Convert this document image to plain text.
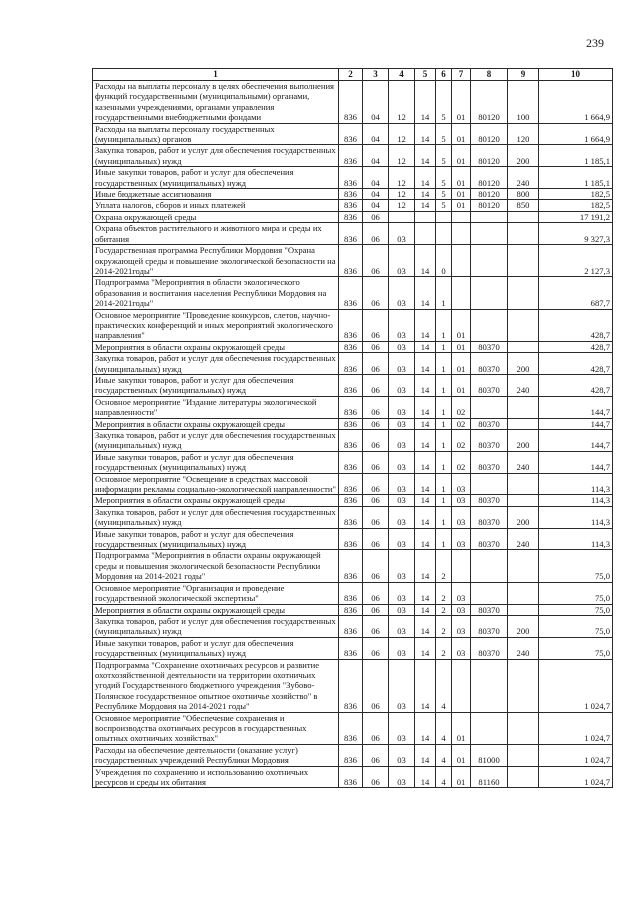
239
1	2	3	4	5	6	7	8	9	10
Расходы на выплаты персоналу в целях обеспечения выполнения функций государственными (муниципальными) органами, казенными учреждениями, органами управления государственными внебюджетными фондами	836	04	12	14	5	01	80120	100	1 664,9
Расходы на выплаты персоналу государственных (муниципальных) органов	836	04	12	14	5	01	80120	120	1 664,9
Закупка товаров, работ и услуг для обеспечения государственных (муниципальных) нужд	836	04	12	14	5	01	80120	200	1 185,1
Иные закупки товаров, работ и услуг для обеспечения государственных (муниципальных) нужд	836	04	12	14	5	01	80120	240	1 185,1
Иные бюджетные ассигнования	836	04	12	14	5	01	80120	800	182,5
Уплата налогов, сборов и иных платежей	836	04	12	14	5	01	80120	850	182,5
Охрана окружающей среды	836	06							17 191,2
Охрана объектов растительного и животного мира и среды их обитания	836	06	03						9 327,3
Государственная программа Республики Мордовия "Охрана окружающей среды и повышение экологической безопасности на 2014-2021годы"	836	06	03	14	0				2 127,3
Подпрограмма "Мероприятия в области экологического образования и воспитания населения Республики Мордовия на 2014-2021годы"	836	06	03	14	1				687,7
Основное мероприятие "Проведение конкурсов, слетов, научно-практических конференций и иных мероприятий экологического направления"	836	06	03	14	1	01			428,7
Мероприятия в области охраны окружающей среды	836	06	03	14	1	01	80370		428,7
Закупка товаров, работ и услуг для обеспечения государственных (муниципальных) нужд	836	06	03	14	1	01	80370	200	428,7
Иные закупки товаров, работ и услуг для обеспечения государственных (муниципальных) нужд	836	06	03	14	1	01	80370	240	428,7
Основное мероприятие "Издание литературы экологической направленности"	836	06	03	14	1	02			144,7
Мероприятия в области охраны окружающей среды	836	06	03	14	1	02	80370		144,7
Закупка товаров, работ и услуг для обеспечения государственных (муниципальных) нужд	836	06	03	14	1	02	80370	200	144,7
Иные закупки товаров, работ и услуг для обеспечения государственных (муниципальных) нужд	836	06	03	14	1	02	80370	240	144,7
Основное мероприятие "Освещение в средствах массовой информации рекламы социально-экологической направленности"	836	06	03	14	1	03			114,3
Мероприятия в области охраны окружающей среды	836	06	03	14	1	03	80370		114,3
Закупка товаров, работ и услуг для обеспечения государственных (муниципальных) нужд	836	06	03	14	1	03	80370	200	114,3
Иные закупки товаров, работ и услуг для обеспечения государственных (муниципальных) нужд	836	06	03	14	1	03	80370	240	114,3
Подпрограмма "Мероприятия в области охраны окружающей среды и повышения экологической безопасности Республики Мордовия на 2014-2021 годы"	836	06	03	14	2				75,0
Основное мероприятие "Организация и проведение государственной экологической экспертизы"	836	06	03	14	2	03			75,0
Мероприятия в области охраны окружающей среды	836	06	03	14	2	03	80370		75,0
Закупка товаров, работ и услуг для обеспечения государственных (муниципальных) нужд	836	06	03	14	2	03	80370	200	75,0
Иные закупки товаров, работ и услуг для обеспечения государственных (муниципальных) нужд	836	06	03	14	2	03	80370	240	75,0
Подпрограмма "Сохранение охотничьих ресурсов и развитие охотхозяйственной деятельности на территории охотничьих угодий Государственного бюджетного учреждения "Зубово-Полянское государственное опытное охотничье хозяйство" в Республике Мордовия на 2014-2021 годы"	836	06	03	14	4				1 024,7
Основное мероприятие "Обеспечение сохранения и воспроизводства охотничьих ресурсов в государственных опытных охотничьих хозяйствах"	836	06	03	14	4	01			1 024,7
Расходы на обеспечение деятельности (оказание услуг) государственных учреждений Республики Мордовия	836	06	03	14	4	01	81000		1 024,7
Учреждения по сохранению и использованию охотничьих ресурсов и среды их обитания	836	06	03	14	4	01	81160		1 024,7
